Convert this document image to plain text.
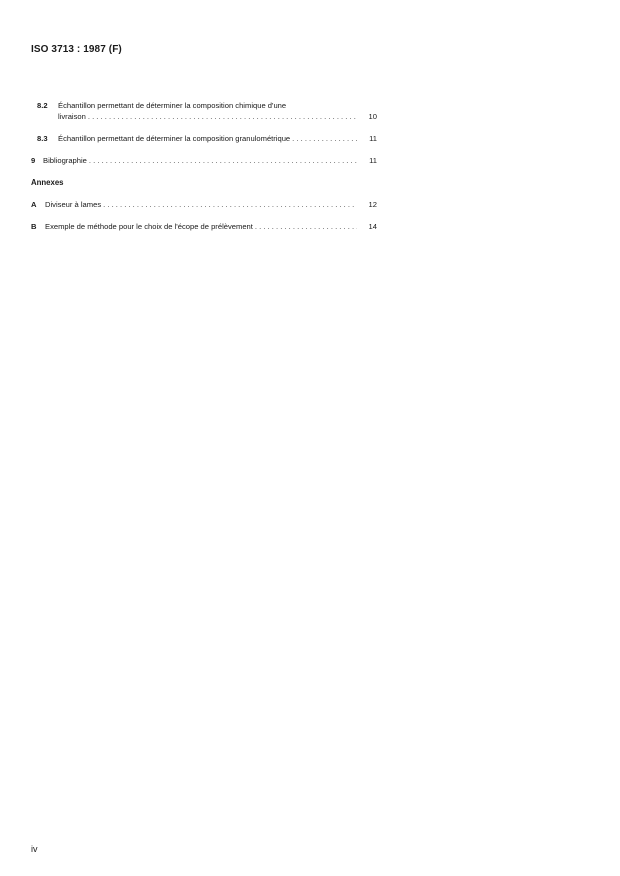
ISO 3713 : 1987 (F)
8.2	Échantillon permettant de déterminer la composition chimique d'une
livraison . . .	10
8.3	Échantillon permettant de déterminer la composition granulométrique . . .	11
9	Bibliographie . . .	11
Annexes
A	Diviseur à lames . . .	12
B	Exemple de méthode pour le choix de l'écope de prélèvement . . .	14
iv
